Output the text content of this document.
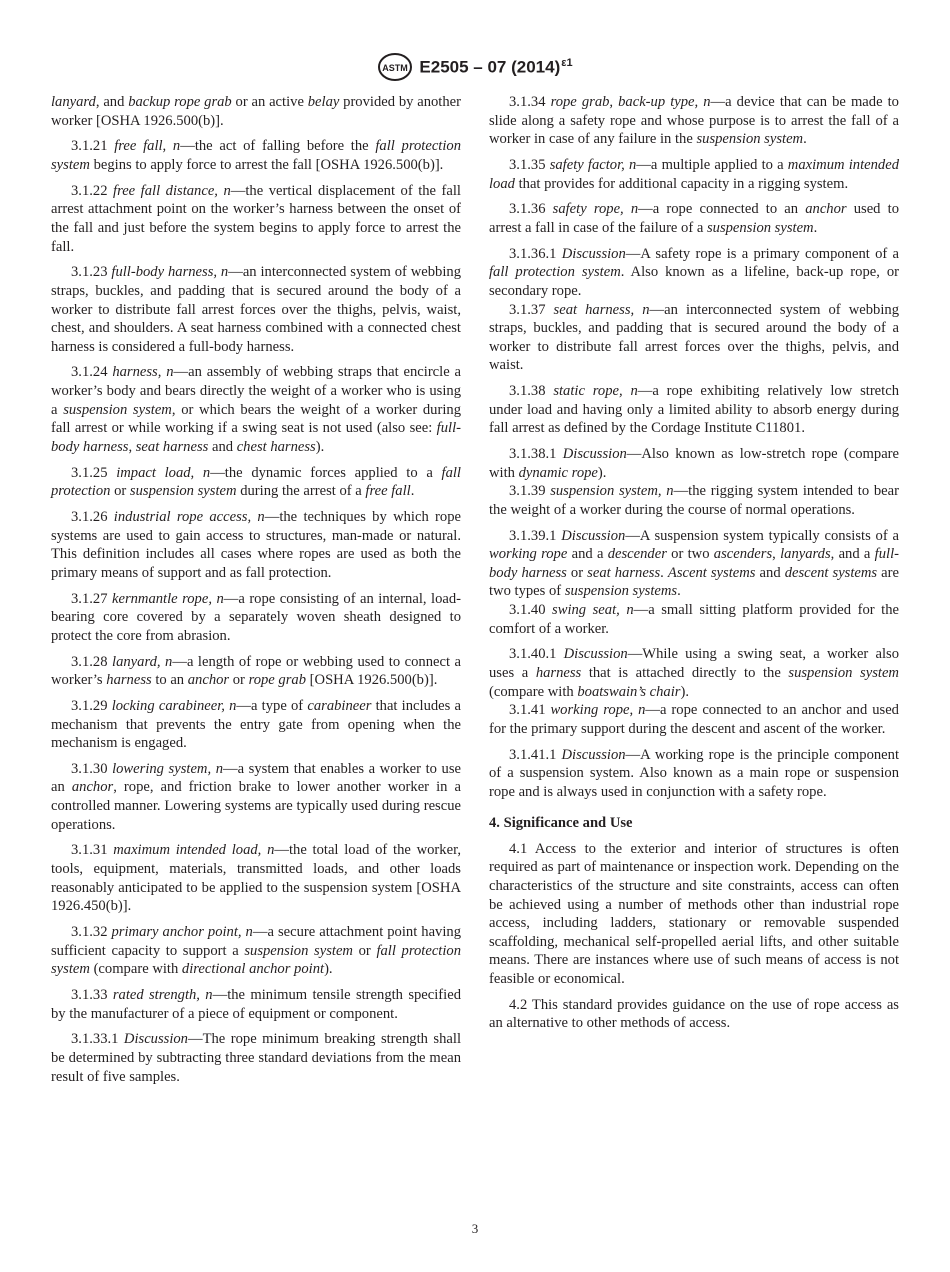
ASTM E2505 – 07 $(2014)^{\varepsilon 1}$

lanyard, and backup rope grab or an active belay provided by another worker [OSHA 1926.500(b)].

3.1.21 free fall, n—the act of falling before the fall protection system begins to apply force to arrest the fall [OSHA 1926.500(b)].

3.1.22 free fall distance, n—the vertical displacement of the fall arrest attachment point on the worker’s harness between the onset of the fall and just before the system begins to apply force to arrest the fall.

3.1.23 full-body harness, n—an interconnected system of webbing straps, buckles, and padding that is secured around the body of a worker to distribute fall arrest forces over the thighs, pelvis, waist, chest, and shoulders. A seat harness combined with a connected chest harness is considered a full-body harness.

3.1.24 harness, n—an assembly of webbing straps that encircle a worker’s body and bears directly the weight of a worker who is using a suspension system, or which bears the weight of a worker during fall arrest or while working if a swing seat is not used (also see: full-body harness, seat harness and chest harness).

3.1.25 impact load, n—the dynamic forces applied to a fall protection or suspension system during the arrest of a free fall.

3.1.26 industrial rope access, n—the techniques by which rope systems are used to gain access to structures, man-made or natural. This definition includes all cases where ropes are used as both the primary means of support and as fall protection.

3.1.27 kernmantle rope, n—a rope consisting of an internal, load-bearing core covered by a separately woven sheath designed to protect the core from abrasion.

3.1.28 lanyard, n—a length of rope or webbing used to connect a worker’s harness to an anchor or rope grab [OSHA 1926.500(b)].

3.1.29 locking carabineer, n—a type of carabineer that includes a mechanism that prevents the entry gate from opening when the mechanism is engaged.

3.1.30 lowering system, n—a system that enables a worker to use an anchor, rope, and friction brake to lower another worker in a controlled manner. Lowering systems are typically used during rescue operations.

3.1.31 maximum intended load, n—the total load of the worker, tools, equipment, materials, transmitted loads, and other loads reasonably anticipated to be applied to the suspension system [OSHA 1926.450(b)].

3.1.32 primary anchor point, n—a secure attachment point having sufficient capacity to support a suspension system or fall protection system (compare with directional anchor point).

3.1.33 rated strength, n—the minimum tensile strength specified by the manufacturer of a piece of equipment or component.

3.1.33.1 Discussion—The rope minimum breaking strength shall be determined by subtracting three standard deviations from the mean result of five samples.

3.1.34 rope grab, back-up type, n—a device that can be made to slide along a safety rope and whose purpose is to arrest the fall of a worker in case of any failure in the suspension system.

3.1.35 safety factor, n—a multiple applied to a maximum intended load that provides for additional capacity in a rigging system.

3.1.36 safety rope, n—a rope connected to an anchor used to arrest a fall in case of the failure of a suspension system.

3.1.36.1 Discussion—A safety rope is a primary component of a fall protection system. Also known as a lifeline, back-up rope, or secondary rope.

3.1.37 seat harness, n—an interconnected system of webbing straps, buckles, and padding that is secured around the body of a worker to distribute fall arrest forces over the thighs, pelvis, and waist.

3.1.38 static rope, n—a rope exhibiting relatively low stretch under load and having only a limited ability to absorb energy during fall arrest as defined by the Cordage Institute C11801.

3.1.38.1 Discussion—Also known as low-stretch rope (compare with dynamic rope).

3.1.39 suspension system, n—the rigging system intended to bear the weight of a worker during the course of normal operations.

3.1.39.1 Discussion—A suspension system typically consists of a working rope and a descender or two ascenders, lanyards, and a full-body harness or seat harness. Ascent systems and descent systems are two types of suspension systems.

3.1.40 swing seat, n—a small sitting platform provided for the comfort of a worker.

3.1.40.1 Discussion—While using a swing seat, a worker also uses a harness that is attached directly to the suspension system (compare with boatswain’s chair).

3.1.41 working rope, n—a rope connected to an anchor and used for the primary support during the descent and ascent of the worker.

3.1.41.1 Discussion—A working rope is the principle component of a suspension system. Also known as a main rope or suspension rope and is always used in conjunction with a safety rope.

4. Significance and Use

4.1 Access to the exterior and interior of structures is often required as part of maintenance or inspection work. Depending on the characteristics of the structure and site constraints, access can often be achieved using a number of methods other than industrial rope access, including ladders, stationary or removable suspended scaffolding, mechanical self-propelled aerial lifts, and other suitable means. There are instances where use of such means of access is not feasible or economical.

4.2 This standard provides guidance on the use of rope access as an alternative to other methods of access.

3
